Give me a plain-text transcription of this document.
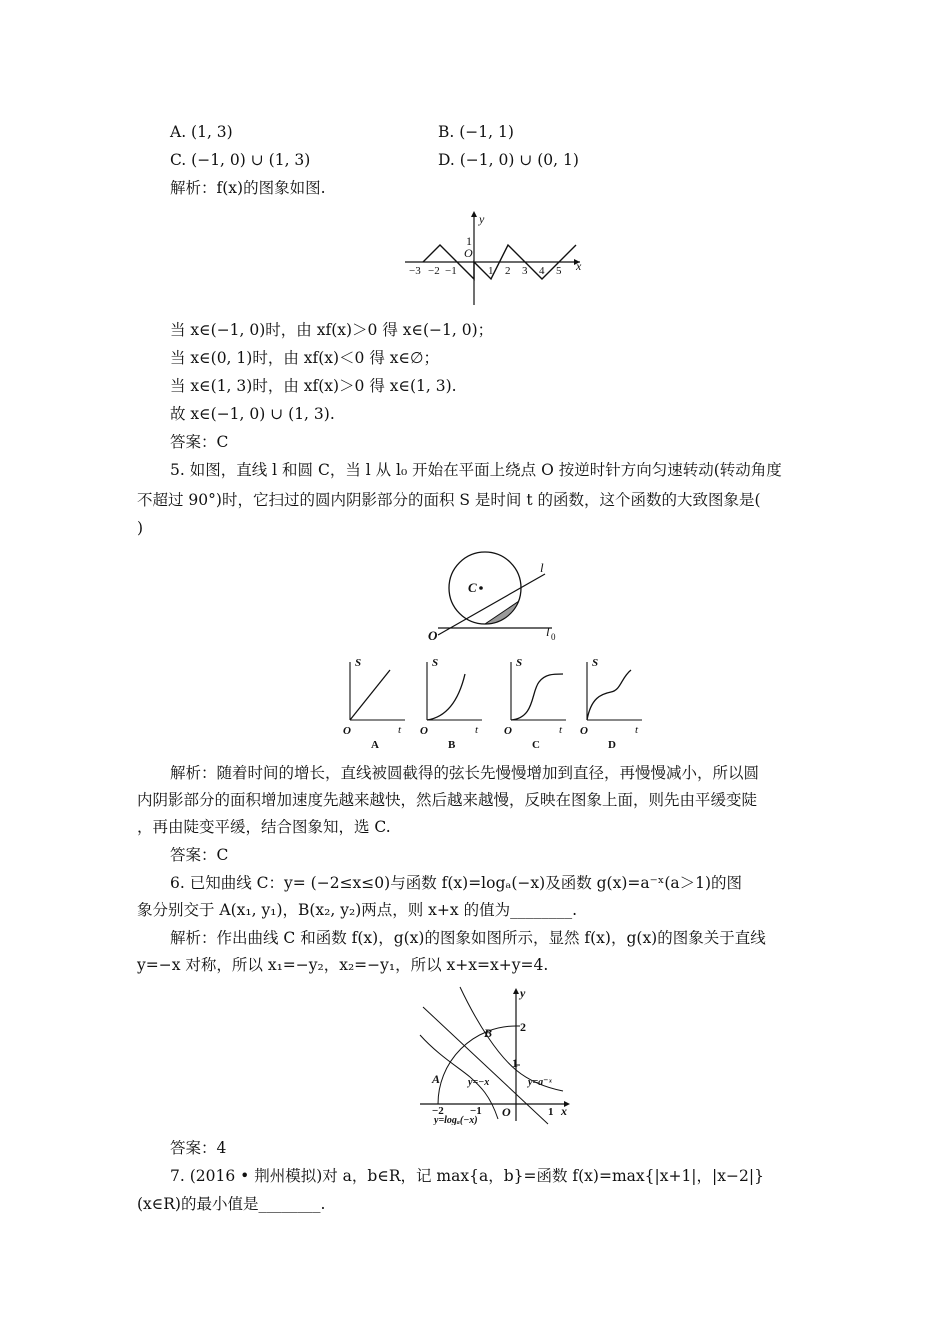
A. (1, 3)	B. (−1, 1)
C. (−1, 0) ∪ (1, 3)	D. (−1, 0) ∪ (0, 1)
解析：f(x)的图象如图.
y
x
O
1
−3 −2 −1	1 2 3 4 5
当 x∈(−1, 0)时，由 xf(x)＞0 得 x∈(−1, 0)；
当 x∈(0, 1)时，由 xf(x)＜0 得 x∈∅；
当 x∈(1, 3)时，由 xf(x)＞0 得 x∈(1, 3).
故 x∈(−1, 0) ∪ (1, 3).
答案：C
5. 如图，直线 l 和圆 C，当 l 从 l₀ 开始在平面上绕点 O 按逆时针方向匀速转动(转动角度
不超过 90°)时，它扫过的圆内阴影部分的面积 S 是时间 t 的函数，这个函数的大致图象是(
)
C
l
O	l 0
S
t
O
A
S
t
O
B
S
t
O
C
S
t
O
D
解析：随着时间的增长，直线被圆截得的弦长先慢慢增加到直径，再慢慢减小，所以圆
内阴影部分的面积增加速度先越来越快，然后越来越慢，反映在图象上面，则先由平缓变陡
，再由陡变平缓，结合图象知，选 C.
答案：C
6. 已知曲线 C：y= (−2≤x≤0)与函数 f(x)=logₐ(−x)及函数 g(x)=a⁻ˣ(a＞1)的图
象分别交于 A(x₁, y₁)，B(x₂, y₂)两点，则 x+x 的值为________.
解析：作出曲线 C 和函数 f(x)，g(x)的图象如图所示，显然 f(x)，g(x)的图象关于直线
y=−x 对称，所以 x₁=−y₂，x₂=−y₁，所以 x+x=x+y=4.
B
A
y
x
O
2
1
−2 −1	1
y=a⁻ˣ
y=−x
y=logₐ(−x)
答案：4
7. (2016 • 荆州模拟)对 a，b∈R，记 max{a，b}=函数 f(x)=max{|x+1|，|x−2|}
(x∈R)的最小值是________.
